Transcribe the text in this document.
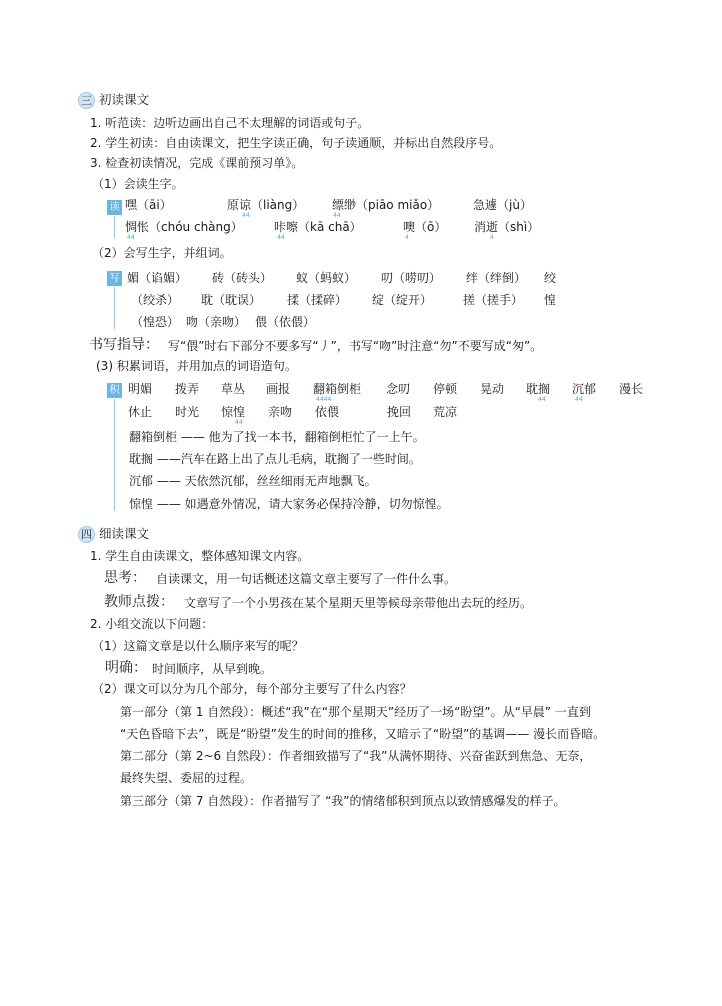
三 初读课文
1. 听范读：边听边画出自己不太理解的词语或句子。
2. 学生初读：自由读课文，把生字读正确，句子读通顺，并标出自然段序号。
3. 检查初读情况，完成《课前预习单》。
（1）会读生字。
读 嘿（āi）	原谅（liàng） 缥缈（piāo miǎo）	急遽（jù）
44	44
惆怅（chóu chàng）	咔嚓（kā chā）	噢（ō） 消逝（shì）
44	44	4	4
（2）会写生字，并组词。
写 媚（谄媚） 砖（砖头） 蚁（蚂蚁） 叨（唠叨） 绊（绊倒） 绞
（绞杀） 耽（耽误） 揉（揉碎） 绽（绽开）	搓（搓手） 惶
（惶恐） 吻（亲吻） 偎（依偎）
书写指导： 写“偎”时右下部分不要多写“丿”，书写“吻”时注意“勿”不要写成“匆”。
(3) 积累词语，并用加点的词语造句。
积 明媚 拨弄 草丛 画报 翻箱倒柜 念叨 停顿 晃动 耽搁 沉郁 漫长
4444	44	44
休止 时光 惊惶 亲吻 依偎	挽回 荒凉
44
翻箱倒柜 —— 他为了找一本书，翻箱倒柜忙了一上午。
耽搁 ——汽车在路上出了点儿毛病，耽搁了一些时间。
沉郁 —— 天依然沉郁，丝丝细雨无声地飘飞。
惊惶 —— 如遇意外情况，请大家务必保持冷静，切勿惊惶。
四 细读课文
1. 学生自由读课文，整体感知课文内容。
思考： 自读课文，用一句话概述这篇文章主要写了一件什么事。
教师点拨： 文章写了一个小男孩在某个星期天里等候母亲带他出去玩的经历。
2. 小组交流以下问题：
（1）这篇文章是以什么顺序来写的呢？
明确： 时间顺序，从早到晚。
（2）课文可以分为几个部分，每个部分主要写了什么内容？
第一部分（第 1 自然段）：概述“我”在“那个星期天”经历了一场“盼望”。从“早晨” 一直到
“天色昏暗下去”，既是“盼望”发生的时间的推移，又暗示了“盼望”的基调—— 漫长而昏暗。
第二部分（第 2~6 自然段）：作者细致描写了“我”从满怀期待、兴奋雀跃到焦急、无奈，
最终失望、委屈的过程。
第三部分（第 7 自然段）：作者描写了 “我”的情绪郁积到顶点以致情感爆发的样子。
